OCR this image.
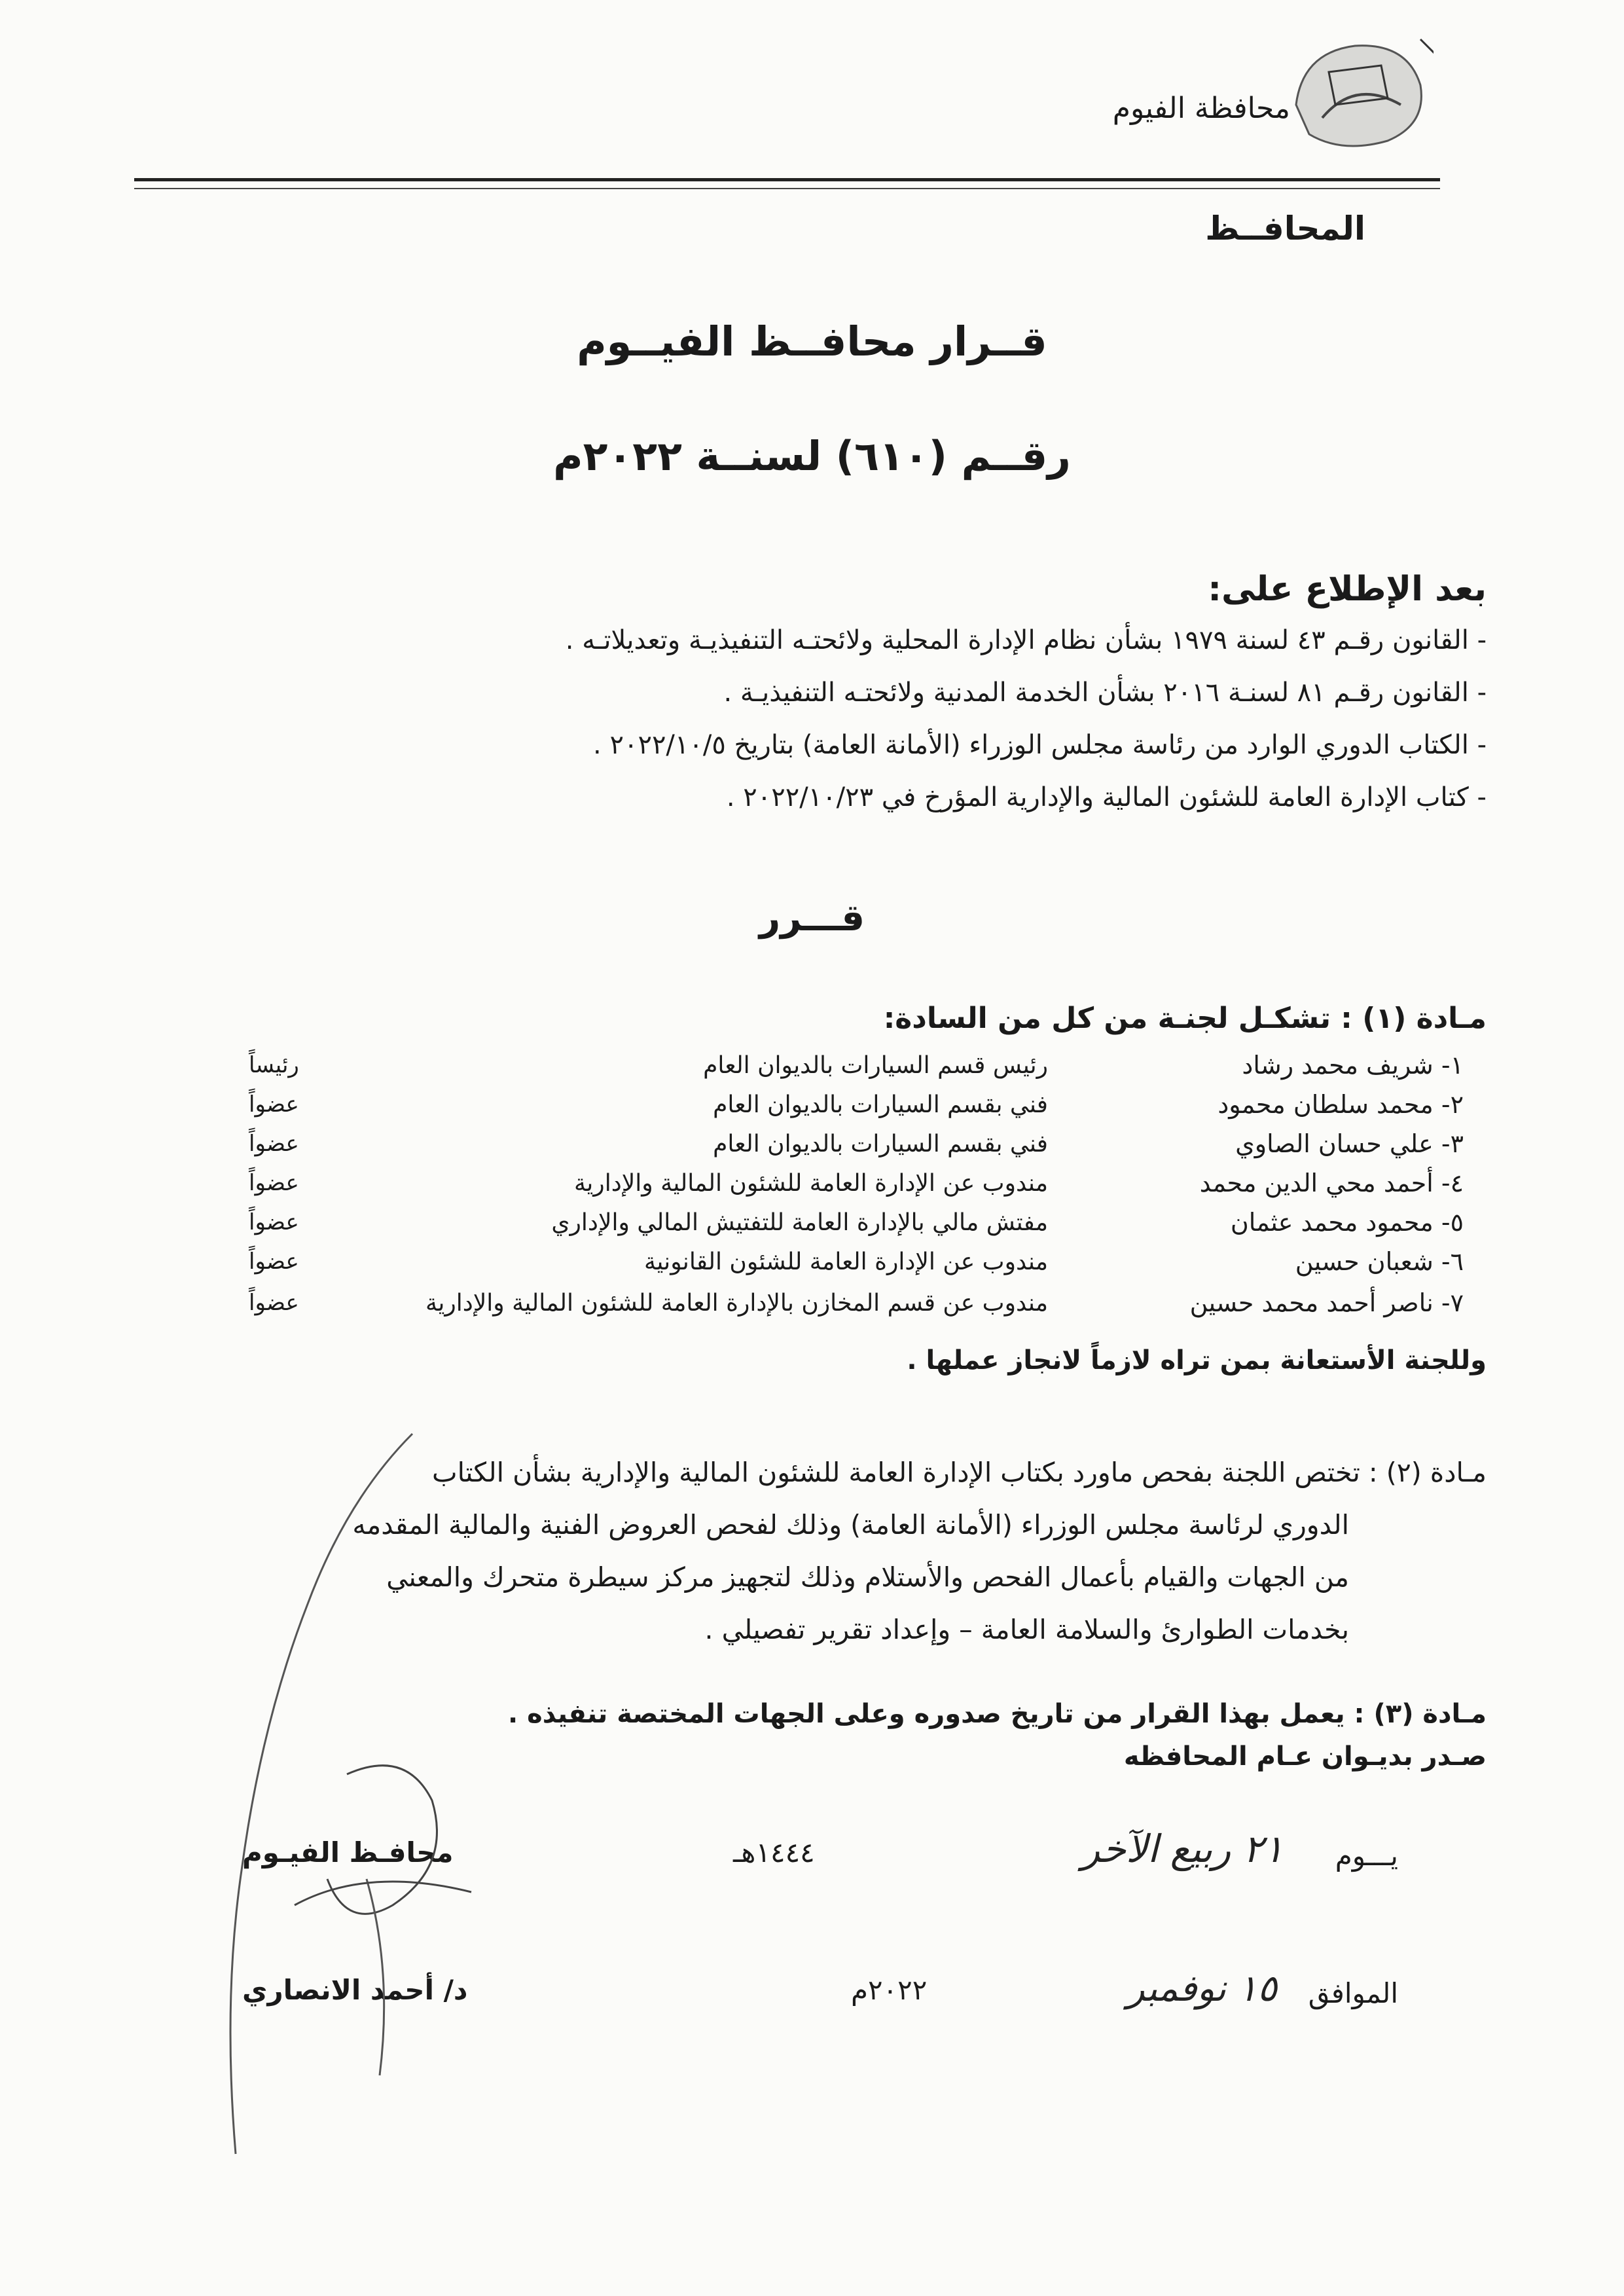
محافظة الفيوم
المحافــظ
قــرار محافــظ الفيــوم
رقــم (٦١٠) لسنــة ٢٠٢٢م
بعد الإطلاع على:
- القانون رقـم ٤٣ لسنة ١٩٧٩ بشأن نظام الإدارة المحلية ولائحتـه التنفيذيـة وتعديلاتـه .
- القانون رقـم ٨١ لسنـة ٢٠١٦ بشأن الخدمة المدنية ولائحتـه التنفيذيـة .
- الكتاب الدوري الوارد من رئاسة مجلس الوزراء (الأمانة العامة) بتاريخ ٢٠٢٢/١٠/٥ .
- كتاب الإدارة العامة للشئون المالية والإدارية المؤرخ في ٢٠٢٢/١٠/٢٣ .
قـــرر
مـادة (١) : تشكـل لجنـة من كل من السادة:
١- شريف محمد رشاد
رئيس قسم السيارات بالديوان العام
رئيساً
٢- محمد سلطان محمود
فني بقسم السيارات بالديوان العام
عضواً
٣- علي حسان الصاوي
فني بقسم السيارات بالديوان العام
عضواً
٤- أحمد محي الدين محمد
مندوب عن الإدارة العامة للشئون المالية والإدارية
عضواً
٥- محمود محمد عثمان
مفتش مالي بالإدارة العامة للتفتيش المالي والإداري
عضواً
٦- شعبان حسين
مندوب عن الإدارة العامة للشئون القانونية
عضواً
٧- ناصر أحمد محمد حسين
مندوب عن قسم المخازن بالإدارة العامة للشئون المالية والإدارية
عضواً
وللجنة الأستعانة بمن تراه لازماً لانجاز عملها .
مـادة (٢) : تختص اللجنة بفحص ماورد بكتاب الإدارة العامة للشئون المالية والإدارية بشأن الكتاب
الدوري لرئاسة مجلس الوزراء (الأمانة العامة) وذلك لفحص العروض الفنية والمالية المقدمه
من الجهات والقيام بأعمال الفحص والأستلام وذلك لتجهيز مركز سيطرة متحرك والمعني
بخدمات الطوارئ والسلامة العامة – وإعداد تقرير تفصيلي .
مـادة (٣) : يعمل بهذا القرار من تاريخ صدوره وعلى الجهات المختصة تنفيذه .
صـدر بديـوان عـام المحافظه
يـــوم
٢١ ربيع الآخر
١٤٤٤هـ
محافـظ الفيـوم
الموافق
١٥ نوفمبر
٢٠٢٢م
د/ أحمد الانصاري
